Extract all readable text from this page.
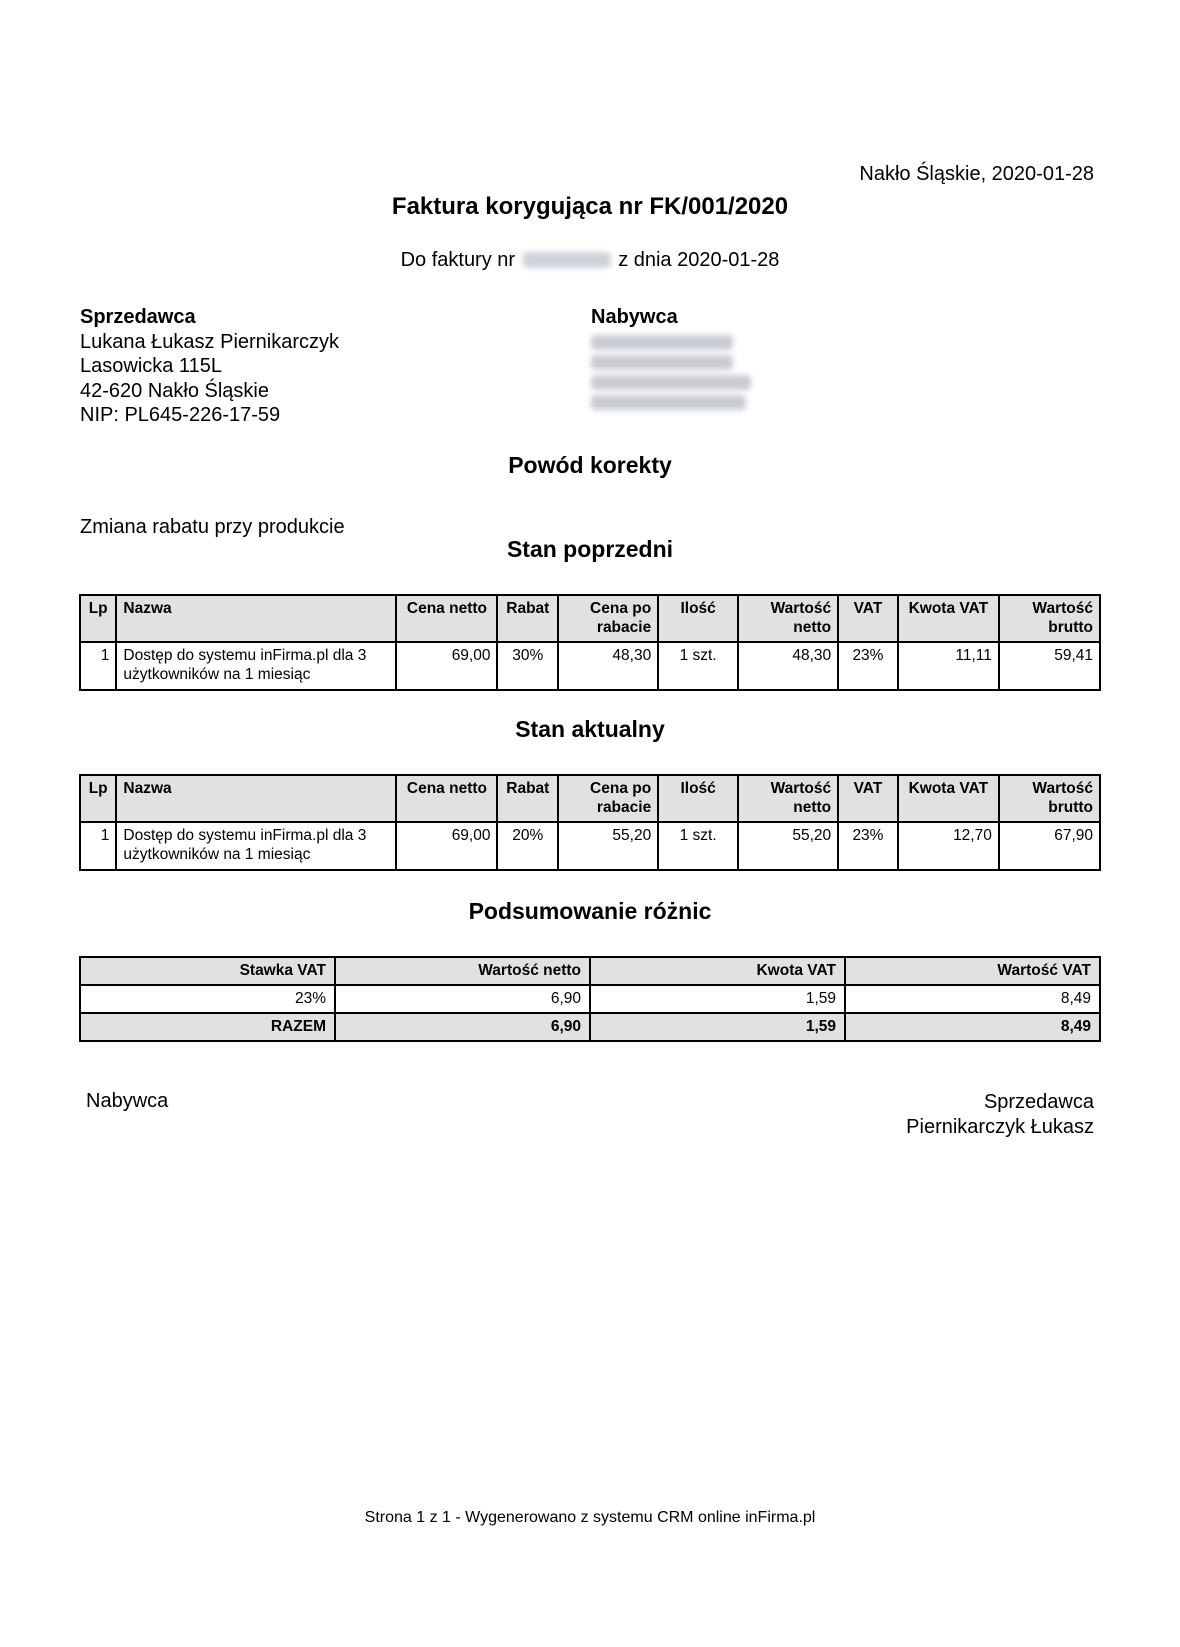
Nakło Śląskie, 2020-01-28
Faktura korygująca nr FK/001/2020
Do faktury nr	z dnia 2020-01-28
Sprzedawca
Lukana Łukasz Piernikarczyk
Lasowicka 115L
42-620 Nakło Śląskie
NIP: PL645-226-17-59
Nabywca
Powód korekty
Zmiana rabatu przy produkcie
Stan poprzedni
Lp	Nazwa	Cena netto	Rabat	Cena po rabacie	Ilość	Wartość netto	VAT	Kwota VAT	Wartość brutto
1	Dostęp do systemu inFirma.pl dla 3 użytkowników na 1 miesiąc	69,00	30%	48,30	1 szt.	48,30	23%	11,11	59,41
Stan aktualny
Lp	Nazwa	Cena netto	Rabat	Cena po rabacie	Ilość	Wartość netto	VAT	Kwota VAT	Wartość brutto
1	Dostęp do systemu inFirma.pl dla 3 użytkowników na 1 miesiąc	69,00	20%	55,20	1 szt.	55,20	23%	12,70	67,90
Podsumowanie różnic
Stawka VAT	Wartość netto	Kwota VAT	Wartość VAT
23%	6,90	1,59	8,49
RAZEM	6,90	1,59	8,49
Nabywca	Sprzedawca
Piernikarczyk Łukasz
Strona 1 z 1 - Wygenerowano z systemu CRM online inFirma.pl
